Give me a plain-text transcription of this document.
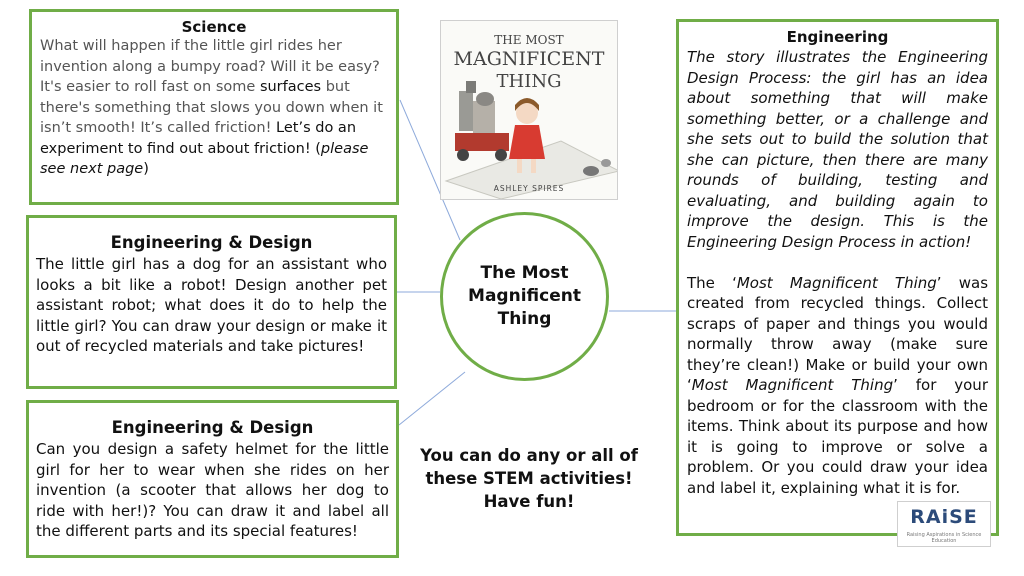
Science
What will happen if the little girl rides her invention along a bumpy road? Will it be easy? It's easier to roll fast on some surfaces but there's something that slows you down when it isn’t smooth! It’s called friction! Let’s do an experiment to find out about friction! (please see next page)
Engineering & Design
The little girl has a dog for an assistant who looks a bit like a robot! Design another pet assistant robot; what does it do to help the little girl? You can draw your design or make it out of recycled materials and take pictures!
Engineering & Design
Can you design a safety helmet for the little girl for her to wear when she rides on her invention (a scooter that allows her dog to ride with her!)? You can draw it and label all the different parts and its special features!
THE MOST
MAGNIFICENT
THING
ASHLEY SPIRES
The Most Magnificent Thing
You can do any or all of these STEM activities! Have fun!
Engineering
The story illustrates the Engineering Design Process: the girl has an idea about something that will make something better, or a challenge and she sets out to build the solution that she can picture, then there are many rounds of building, testing and evaluating, and building again to improve the design. This is the Engineering Design Process in action!
The ‘Most Magnificent Thing’ was created from recycled things. Collect scraps of paper and things you would normally throw away (make sure they’re clean!) Make or build your own ‘Most Magnificent Thing’ for your bedroom or for the classroom with the items. Think about its purpose and how it is going to improve or solve a problem. Or you could draw your idea and label it, explaining what it is for.
RAiSE
Raising Aspirations in Science Education
